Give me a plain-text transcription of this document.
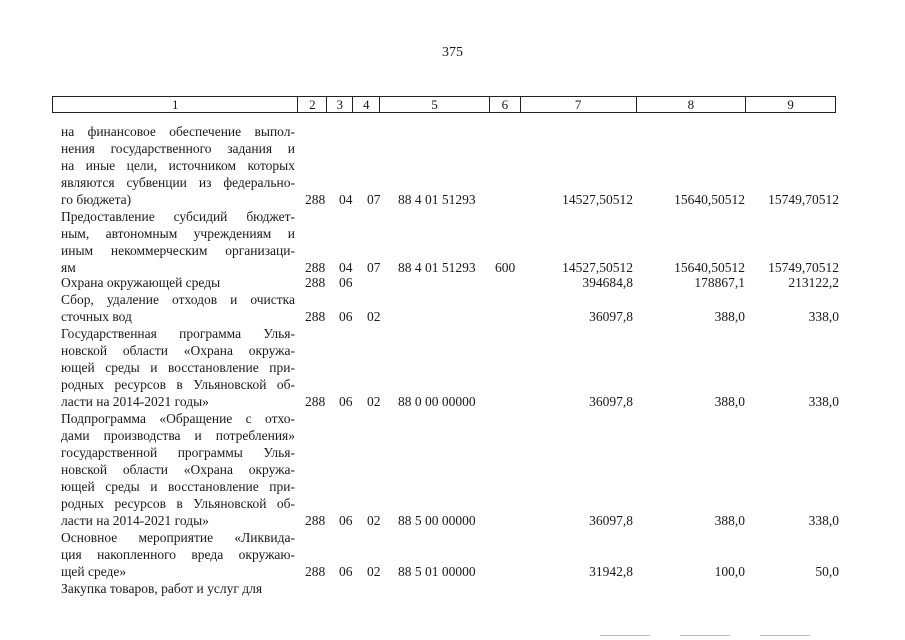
375
1	2	3	4	5	6	7	8	9
на финансовое обеспечение выпол-
нения государственного задания и
на иные цели, источником которых
являются субвенции из федерально-
го бюджета)	288 04 07 88 4 01 51293	14527,50512	15640,50512 15749,70512
Предоставление субсидий бюджет-
ным, автономным учреждениям и
иным некоммерческим организаци-
ям	288 04 07 88 4 01 51293 600	14527,50512	15640,50512 15749,70512
Охрана окружающей среды	288 06	394684,8	178867,1	213122,2
Сбор, удаление отходов и очистка
сточных вод	288 06 02	36097,8	388,0	338,0
Государственная программа Улья-
новской области «Охрана окружа-
ющей среды и восстановление при-
родных ресурсов в Ульяновской об-
ласти на 2014-2021 годы»	288 06 02 88 0 00 00000	36097,8	388,0	338,0
Подпрограмма «Обращение с отхо-
дами производства и потребления»
государственной программы Улья-
новской области «Охрана окружа-
ющей среды и восстановление при-
родных ресурсов в Ульяновской об-
ласти на 2014-2021 годы»	288 06 02 88 5 00 00000	36097,8	388,0	338,0
Основное мероприятие «Ликвида-
ция накопленного вреда окружаю-
щей среде»	288 06 02 88 5 01 00000	31942,8	100,0	50,0
Закупка товаров, работ и услуг для
